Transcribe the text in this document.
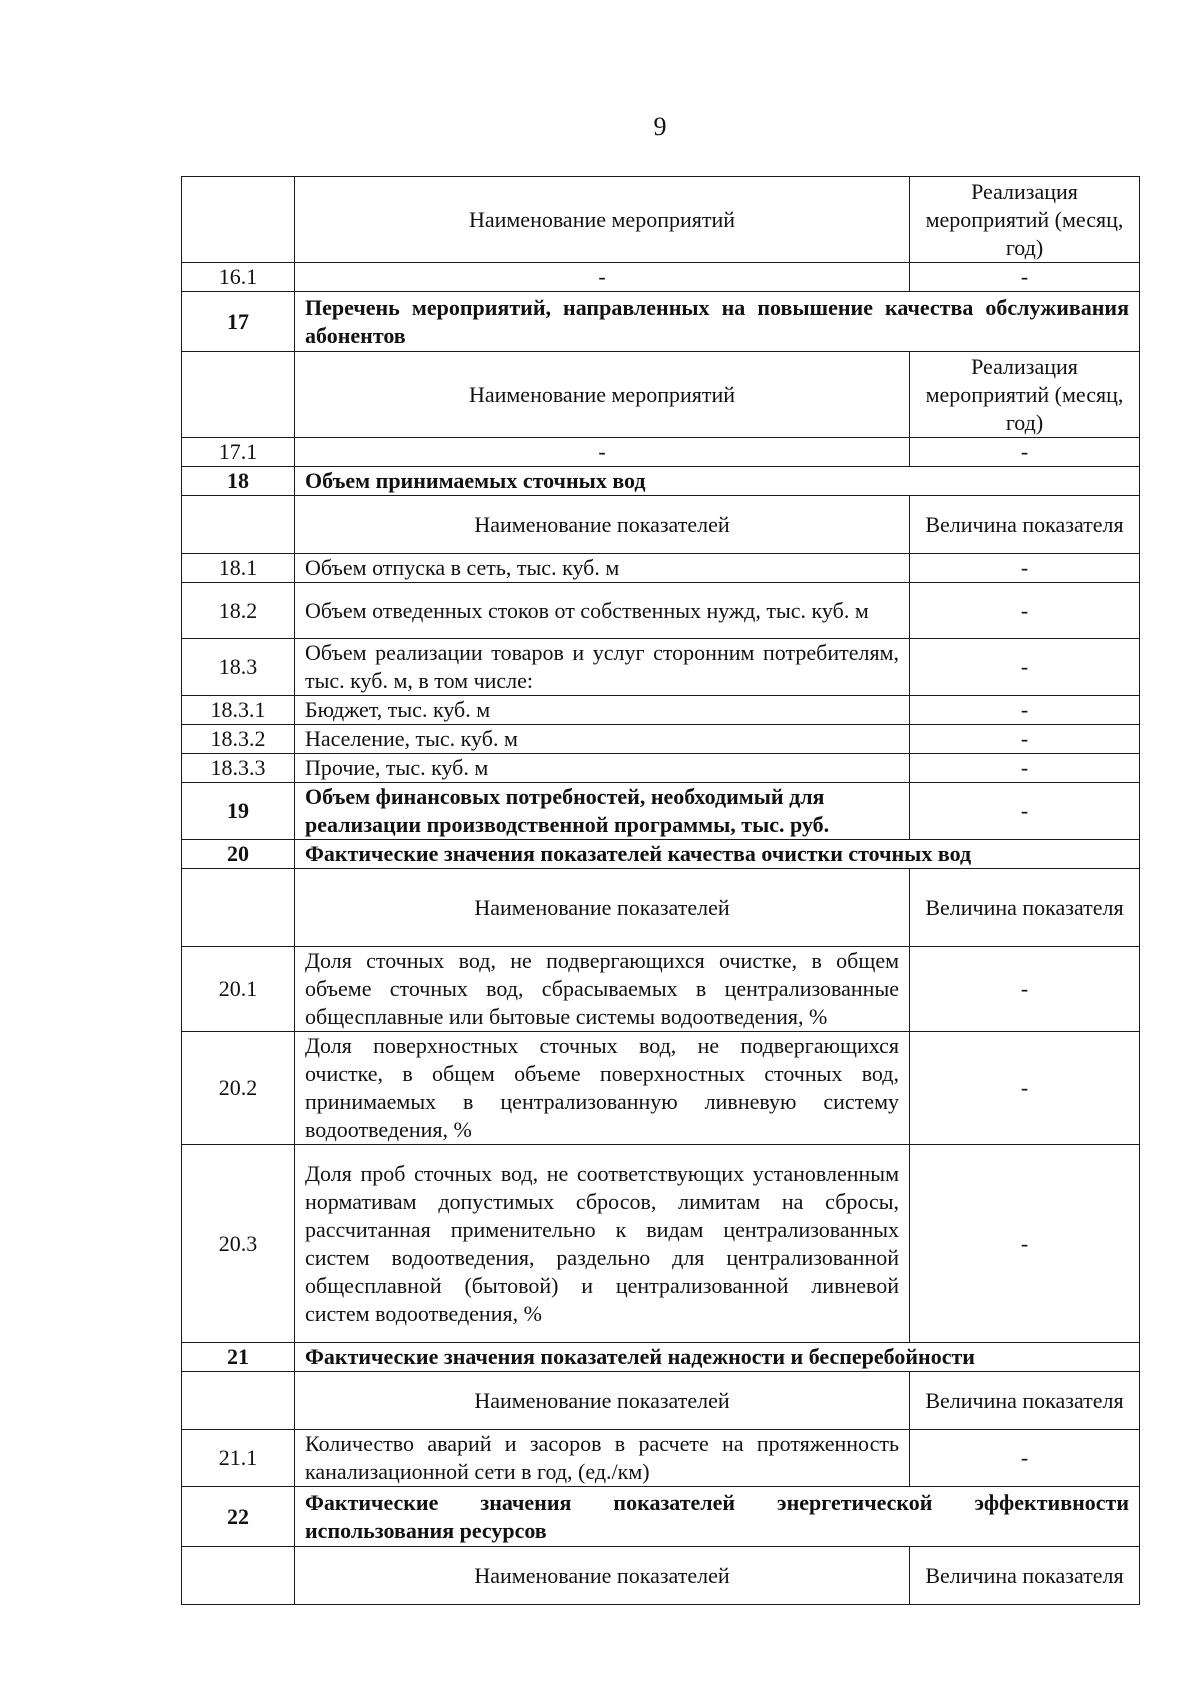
9
	Наименование мероприятий	Реализация мероприятий (месяц, год)
16.1	-	-
17	Перечень мероприятий, направленных на повышение качества обслуживания абонентов	
	Наименование мероприятий	Реализация мероприятий (месяц, год)
17.1	-	-
18	Объем принимаемых сточных вод	
	Наименование показателей	Величина показателя
18.1	Объем отпуска в сеть, тыс. куб. м	-
18.2	Объем отведенных стоков от собственных нужд, тыс. куб. м	-
18.3	Объем реализации товаров и услуг сторонним потребителям, тыс. куб. м, в том числе:	-
18.3.1	Бюджет, тыс. куб. м	-
18.3.2	Население, тыс. куб. м	-
18.3.3	Прочие, тыс. куб. м	-
19	Объем финансовых потребностей, необходимый для реализации производственной программы, тыс. руб.	-
20	Фактические значения показателей качества очистки сточных вод	
	Наименование показателей	Величина показателя
20.1	Доля сточных вод, не подвергающихся очистке, в общем объеме сточных вод, сбрасываемых в централизованные общесплавные или бытовые системы водоотведения, %	-
20.2	Доля поверхностных сточных вод, не подвергающихся очистке, в общем объеме поверхностных сточных вод, принимаемых в централизованную ливневую систему водоотведения, %	-
20.3	Доля проб сточных вод, не соответствующих установленным нормативам допустимых сбросов, лимитам на сбросы, рассчитанная применительно к видам централизованных систем водоотведения, раздельно для централизованной общесплавной (бытовой) и централизованной ливневой систем водоотведения, %	-
21	Фактические значения показателей надежности и бесперебойности	
	Наименование показателей	Величина показателя
21.1	Количество аварий и засоров в расчете на протяженность канализационной сети в год, (ед./км)	-
22	Фактические значения показателей энергетической эффективности использования ресурсов	
	Наименование показателей	Величина показателя
